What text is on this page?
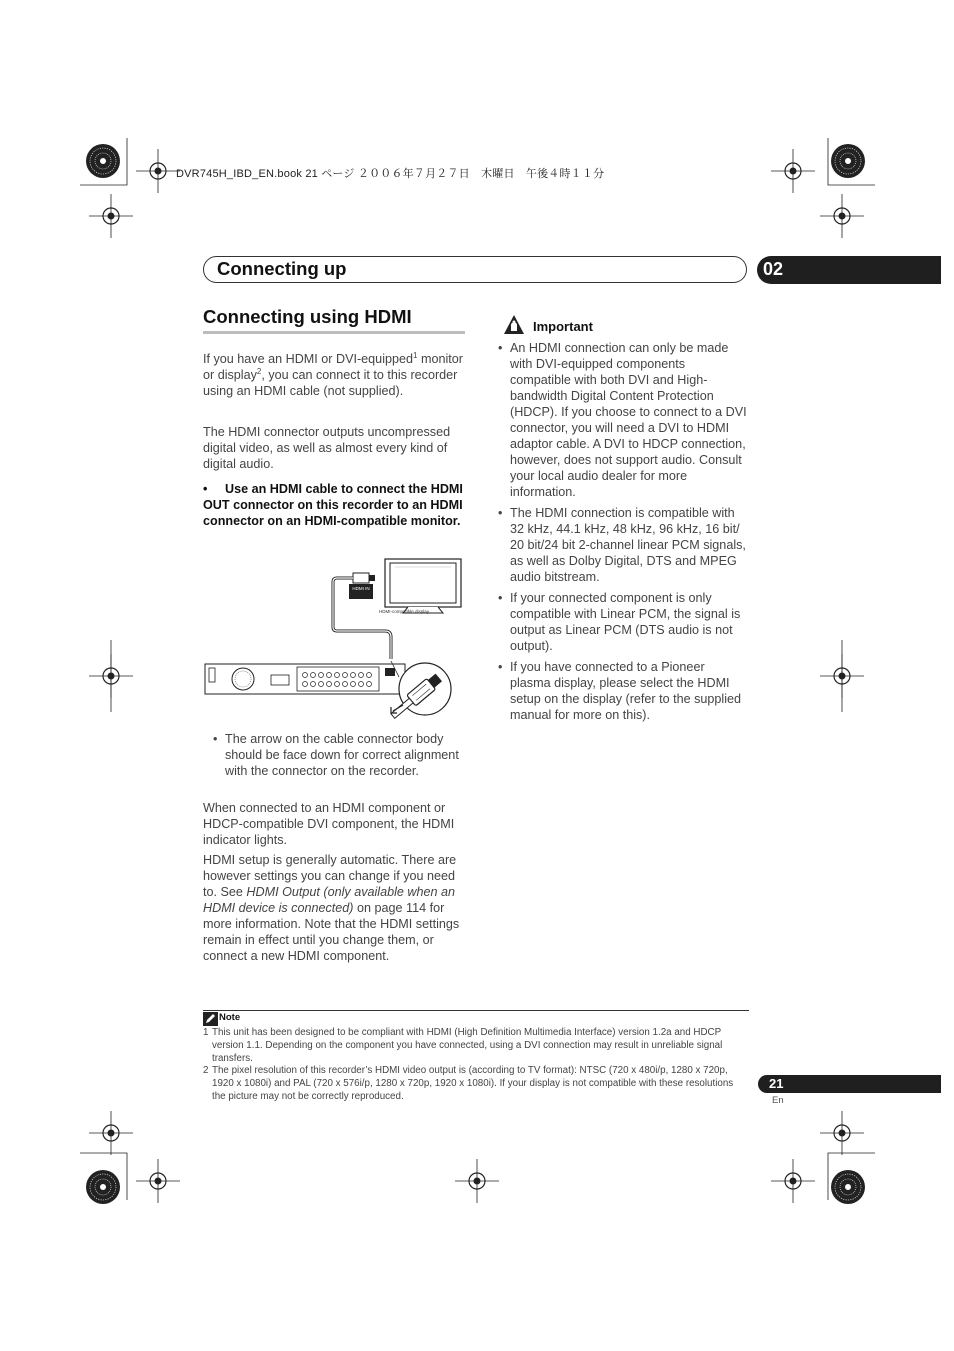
DVR745H_IBD_EN.book 21 ページ ２００６年７月２７日　木曜日　午後４時１１分
Connecting up	02
Connecting using HDMI
If you have an HDMI or DVI-equipped$^1$ monitor or display$^2$, you can connect it to this recorder using an HDMI cable (not supplied).
The HDMI connector outputs uncompressed digital video, as well as almost every kind of digital audio.
• Use an HDMI cable to connect the HDMI OUT connector on this recorder to an HDMI connector on an HDMI-compatible monitor.
HDMI IN
HDMI-compatible display
• The arrow on the cable connector body should be face down for correct alignment with the connector on the recorder.
When connected to an HDMI component or HDCP-compatible DVI component, the HDMI indicator lights.
HDMI setup is generally automatic. There are however settings you can change if you need to. See HDMI Output (only available when an HDMI device is connected) on page 114 for more information. Note that the HDMI settings remain in effect until you change them, or connect a new HDMI component.
Important
• An HDMI connection can only be made with DVI-equipped components compatible with both DVI and High-bandwidth Digital Content Protection (HDCP). If you choose to connect to a DVI connector, you will need a DVI to HDMI adaptor cable. A DVI to HDCP connection, however, does not support audio. Consult your local audio dealer for more information.
• The HDMI connection is compatible with 32 kHz, 44.1 kHz, 48 kHz, 96 kHz, 16 bit/ 20 bit/24 bit 2-channel linear PCM signals, as well as Dolby Digital, DTS and MPEG audio bitstream.
• If your connected component is only compatible with Linear PCM, the signal is output as Linear PCM (DTS audio is not output).
• If you have connected to a Pioneer plasma display, please select the HDMI setup on the display (refer to the supplied manual for more on this).
Note
1 This unit has been designed to be compliant with HDMI (High Definition Multimedia Interface) version 1.2a and HDCP version 1.1. Depending on the component you have connected, using a DVI connection may result in unreliable signal transfers.
2 The pixel resolution of this recorder’s HDMI video output is (according to TV format): NTSC (720 x 480i/p, 1280 x 720p, 1920 x 1080i) and PAL (720 x 576i/p, 1280 x 720p, 1920 x 1080i). If your display is not compatible with these resolutions the picture may not be correctly reproduced.
21
En
